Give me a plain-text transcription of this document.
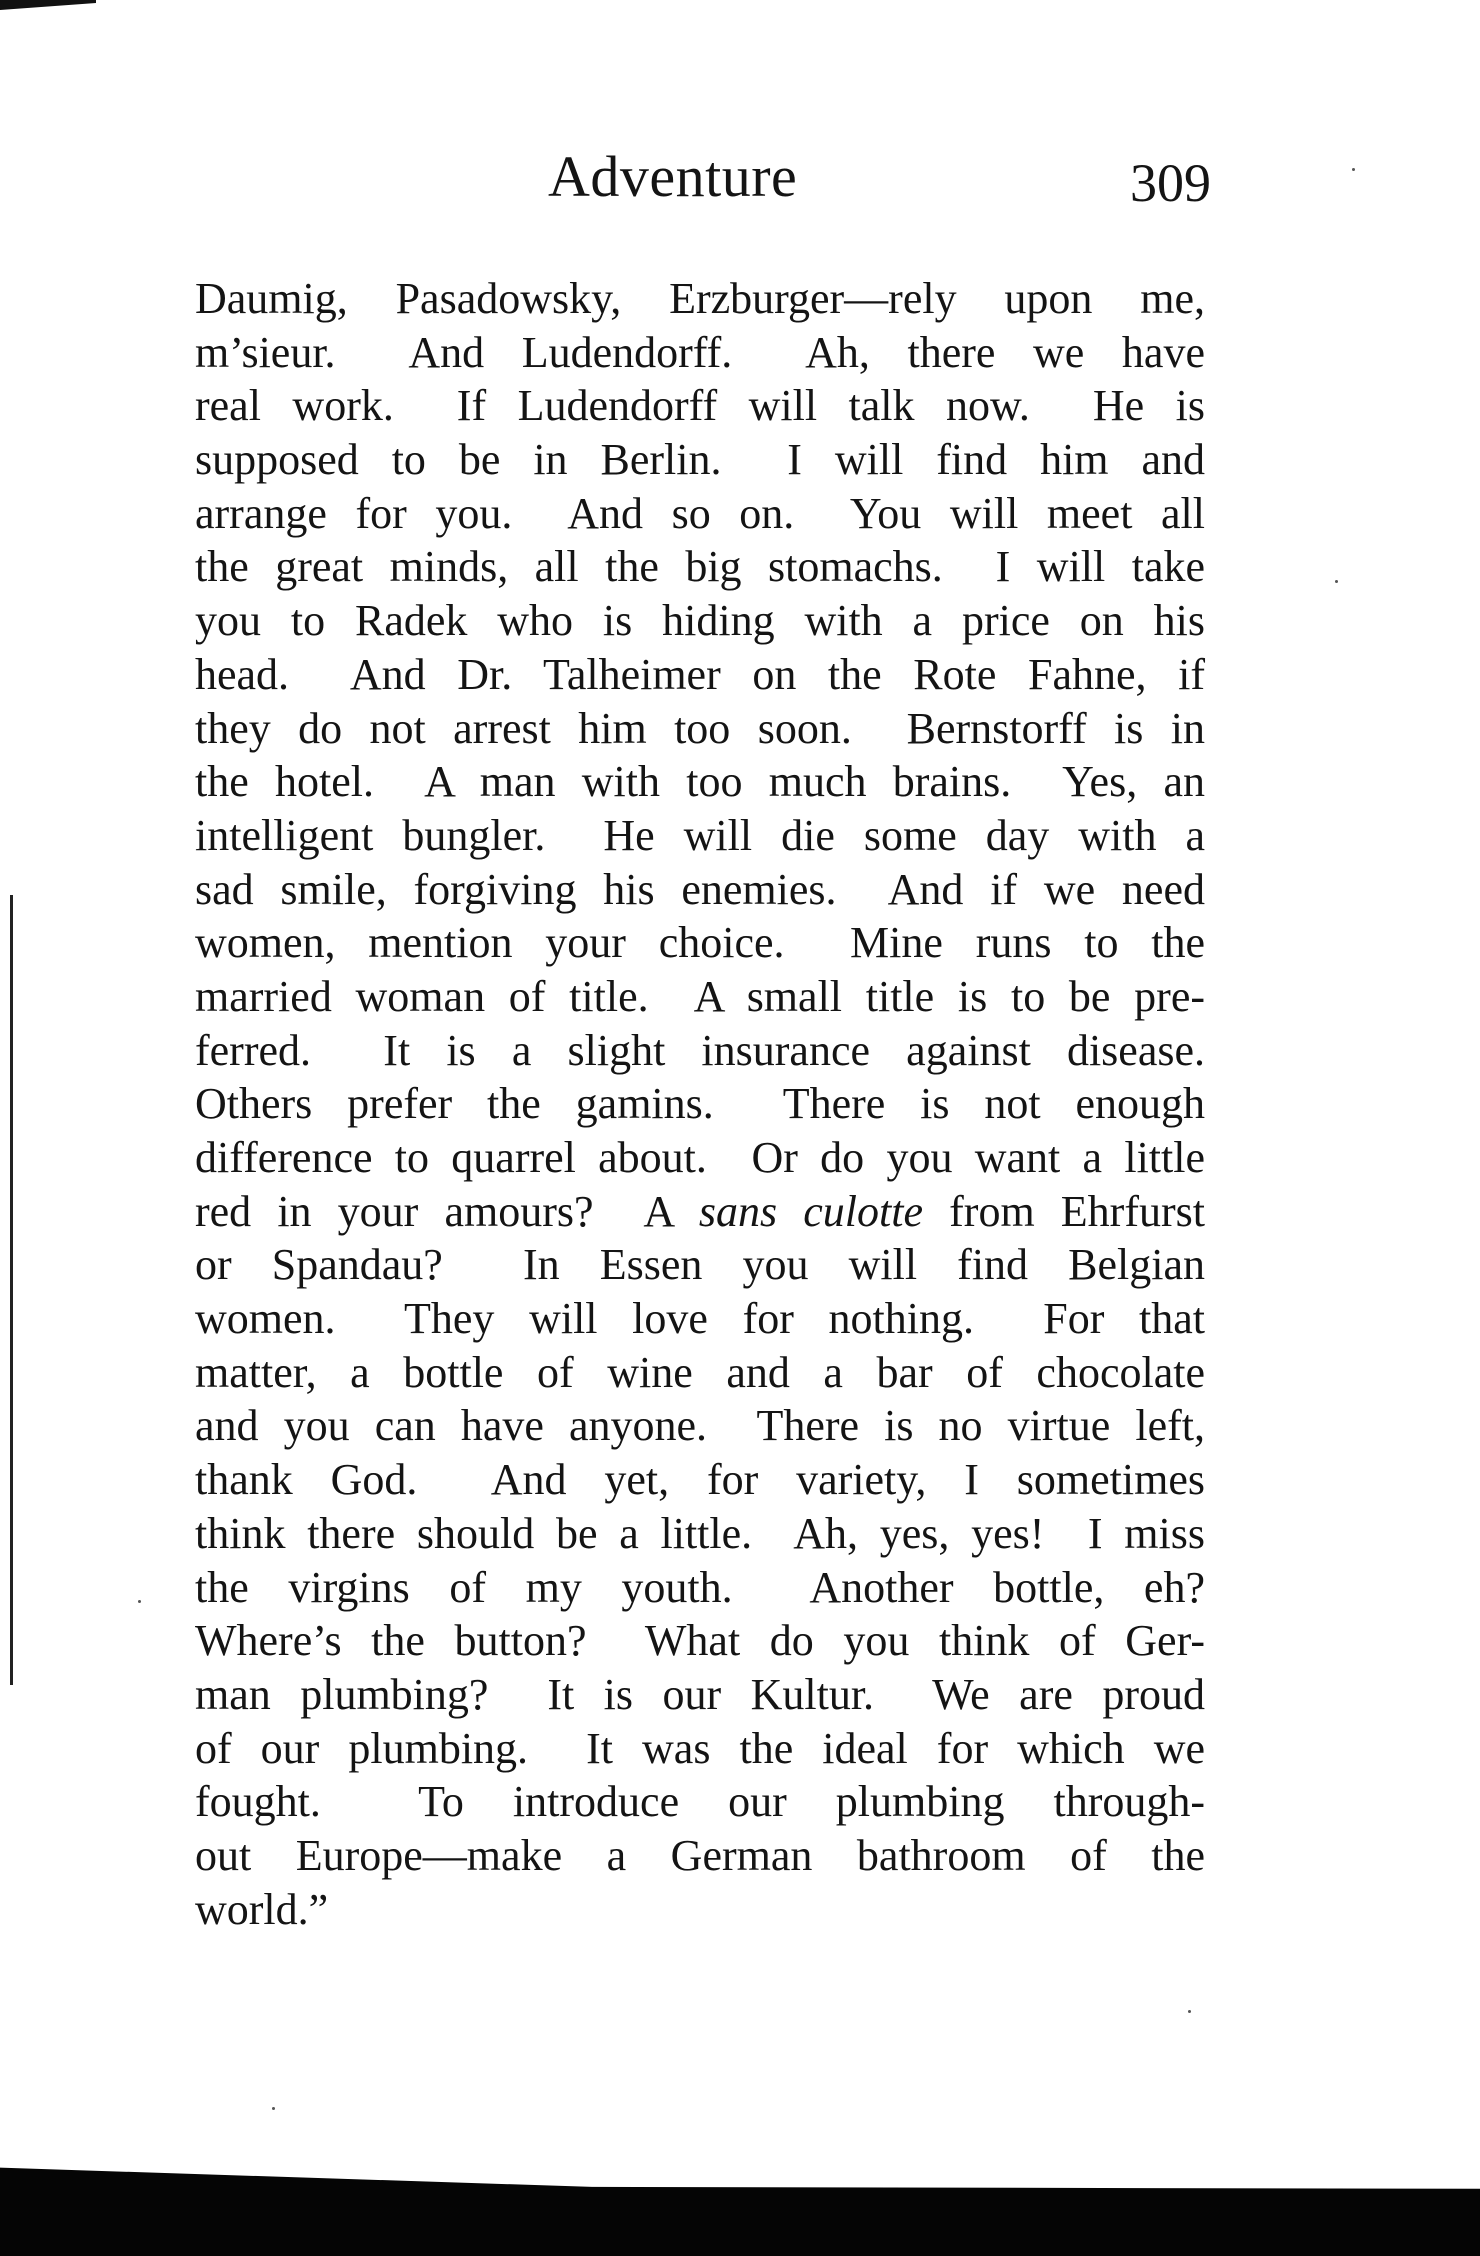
Adventure	309
Daumig, Pasadowsky, Erzburger—rely upon me,
m’sieur.  And Ludendorff.  Ah, there we have
real work.  If Ludendorff will talk now.  He is
supposed to be in Berlin.  I will find him and
arrange for you.  And so on.  You will meet all
the great minds, all the big stomachs.  I will take
you to Radek who is hiding with a price on his
head.  And Dr. Talheimer on the Rote Fahne, if
they do not arrest him too soon.  Bernstorff is in
the hotel.  A man with too much brains.  Yes, an
intelligent bungler.  He will die some day with a
sad smile, forgiving his enemies.  And if we need
women, mention your choice.  Mine runs to the
married woman of title.  A small title is to be pre-
ferred.  It is a slight insurance against disease.
Others prefer the gamins.  There is not enough
difference to quarrel about.  Or do you want a little
red in your amours?  A sans culotte from Ehrfurst
or Spandau?  In Essen you will find Belgian
women.  They will love for nothing.  For that
matter, a bottle of wine and a bar of chocolate
and you can have anyone.  There is no virtue left,
thank God.  And yet, for variety, I sometimes
think there should be a little.  Ah, yes, yes!  I miss
the virgins of my youth.  Another bottle, eh?
Where’s the button?  What do you think of Ger-
man plumbing?  It is our Kultur.  We are proud
of our plumbing.  It was the ideal for which we
fought.  To introduce our plumbing through-
out Europe—make a German bathroom of the
world.”
